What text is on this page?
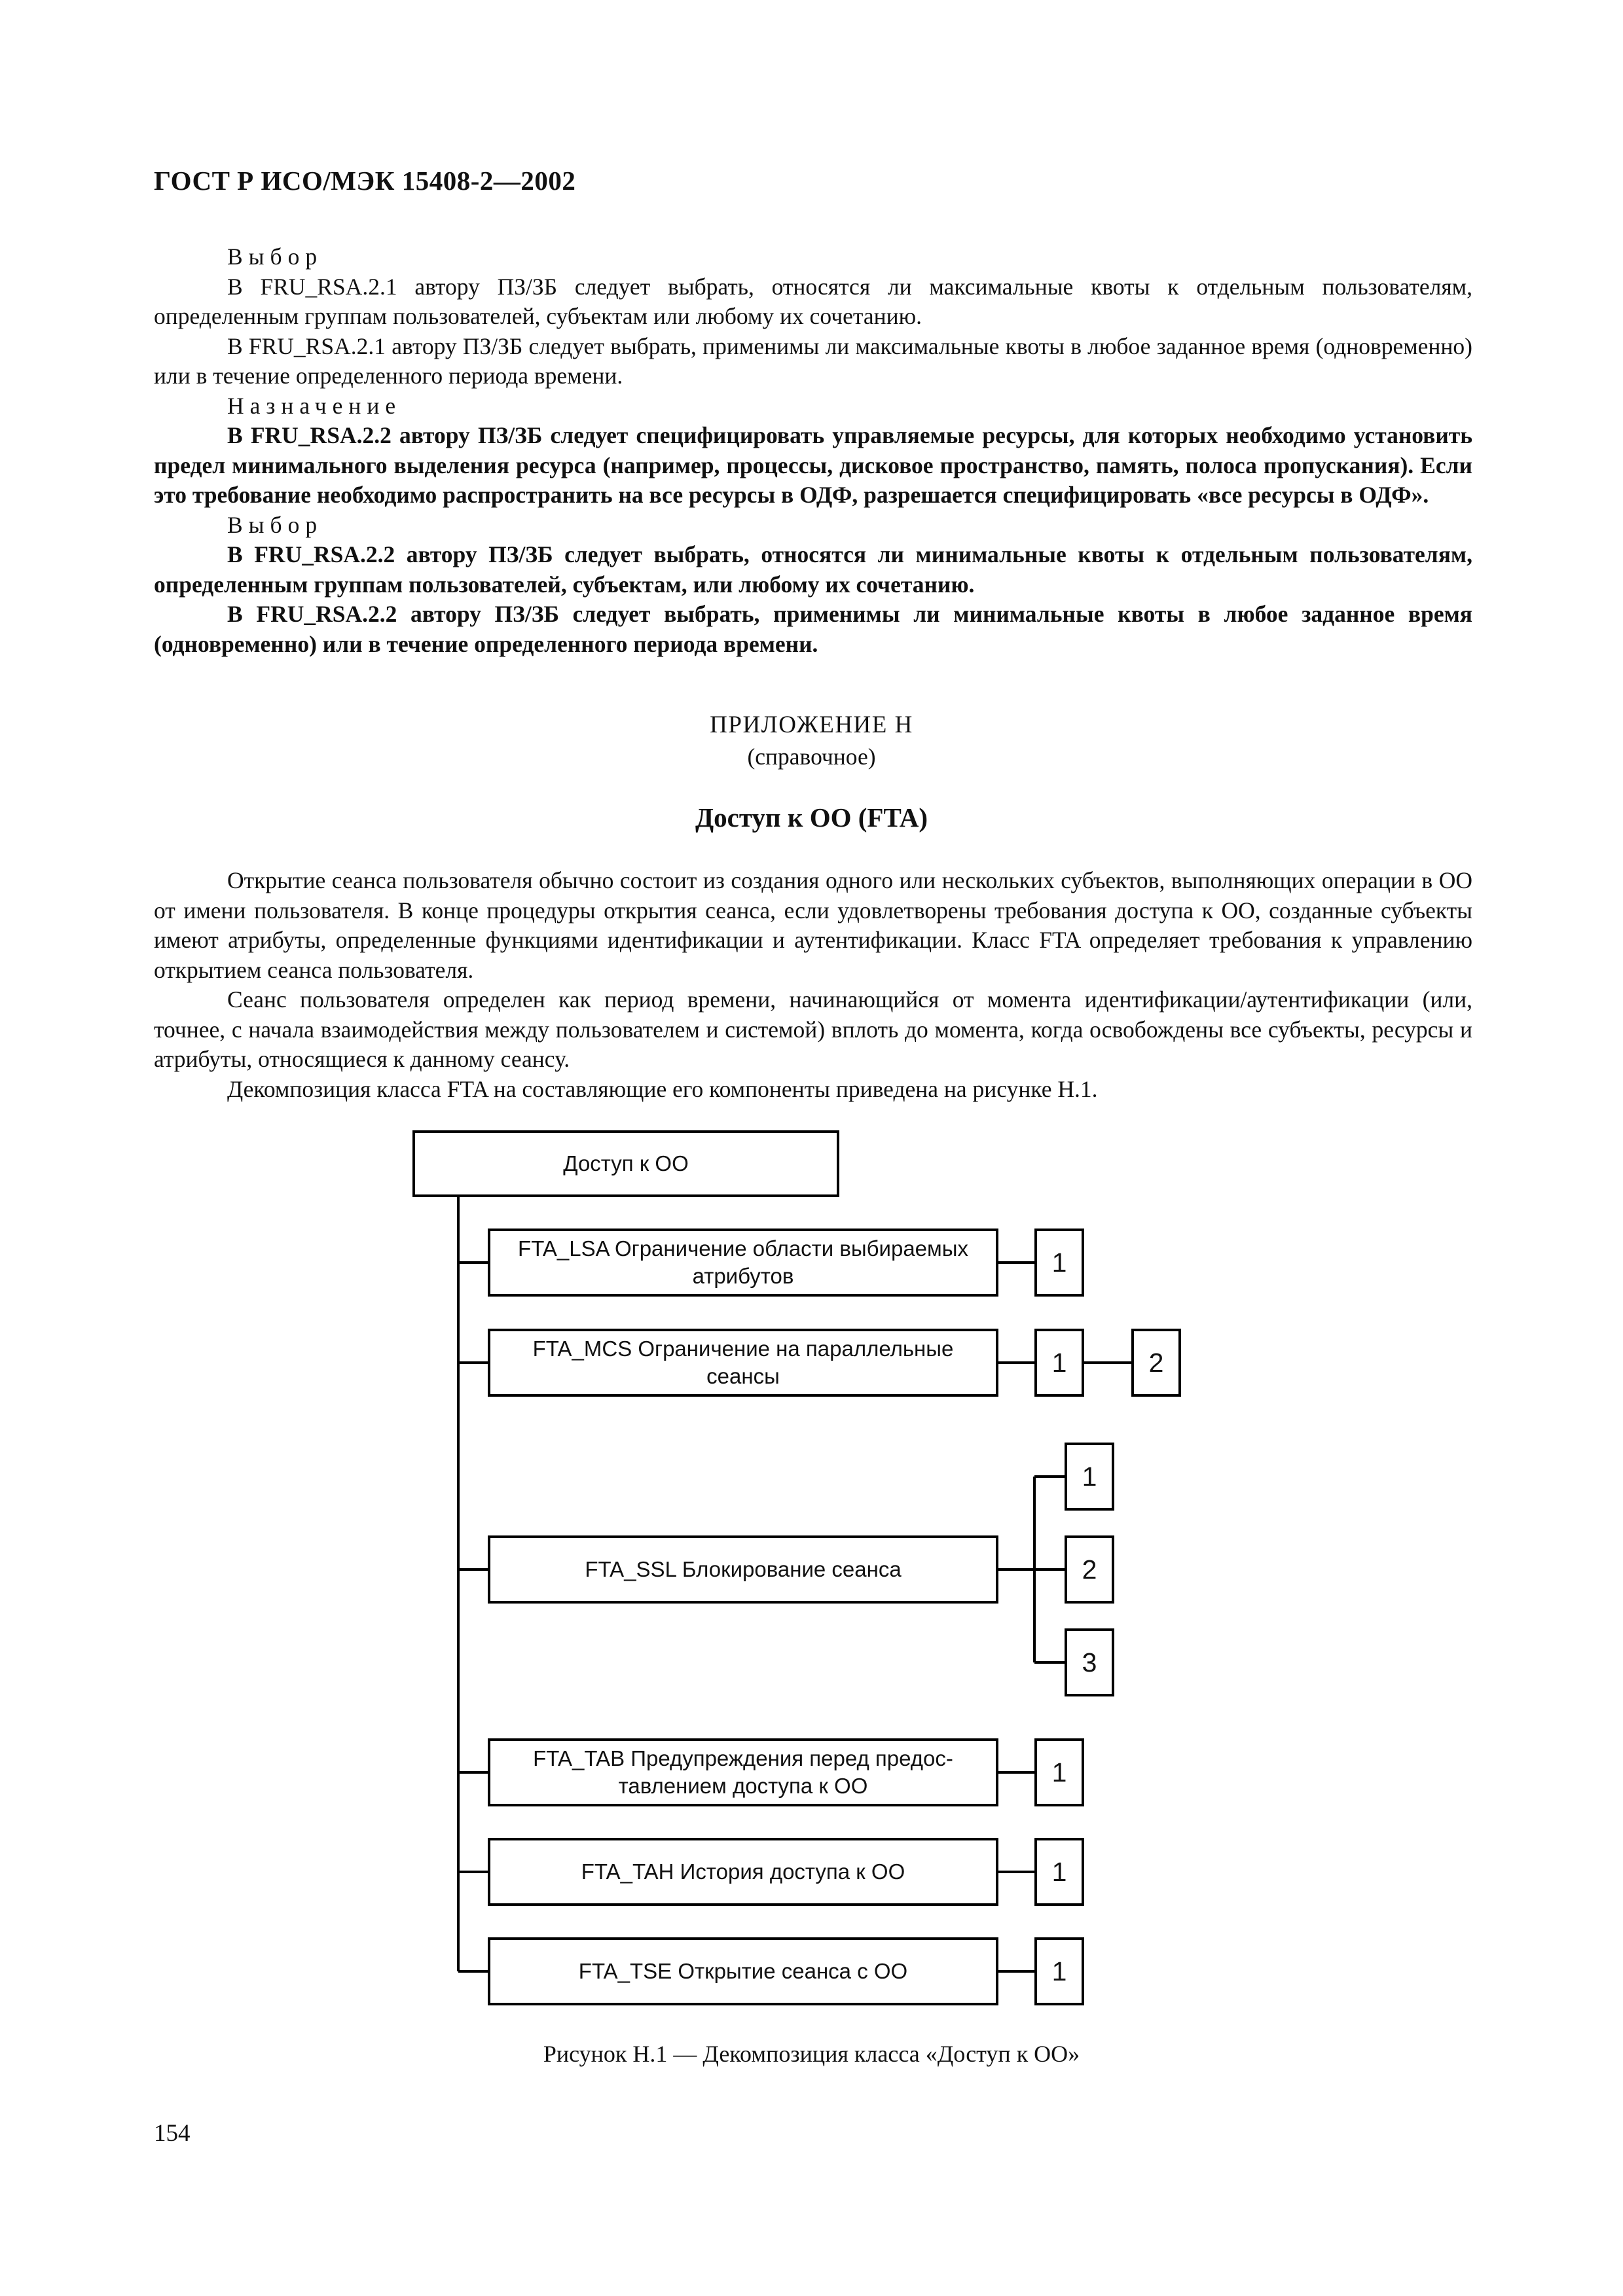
ГОСТ Р ИСО/МЭК 15408-2—2002

Выбор

В FRU_RSA.2.1 автору ПЗ/ЗБ следует выбрать, относятся ли максимальные квоты к отдельным пользователям, определенным группам пользователей, субъектам или любому их сочетанию.

В FRU_RSA.2.1 автору ПЗ/ЗБ следует выбрать, применимы ли максимальные квоты в любое заданное время (одновременно) или в течение определенного периода времени.

Назначение

В FRU_RSA.2.2 автору ПЗ/ЗБ следует специфицировать управляемые ресурсы, для которых необходимо установить предел минимального выделения ресурса (например, процессы, дисковое пространство, память, полоса пропускания). Если это требование необходимо распространить на все ресурсы в ОДФ, разрешается специфицировать «все ресурсы в ОДФ».

Выбор

В FRU_RSA.2.2 автору ПЗ/ЗБ следует выбрать, относятся ли минимальные квоты к отдельным пользователям, определенным группам пользователей, субъектам, или любому их сочетанию.

В FRU_RSA.2.2 автору ПЗ/ЗБ следует выбрать, применимы ли минимальные квоты в любое заданное время (одновременно) или в течение определенного периода времени.

ПРИЛОЖЕНИЕ Н
(справочное)
Доступ к ОО (FTA)

Открытие сеанса пользователя обычно состоит из создания одного или нескольких субъектов, выполняющих операции в ОО от имени пользователя. В конце процедуры открытия сеанса, если удовлетворены требования доступа к ОО, созданные субъекты имеют атрибуты, определенные функциями идентификации и аутентификации. Класс FTA определяет требования к управлению открытием сеанса пользователя.

Сеанс пользователя определен как период времени, начинающийся от момента идентификации/аутентификации (или, точнее, с начала взаимодействия между пользователем и системой) вплоть до момента, когда освобождены все субъекты, ресурсы и атрибуты, относящиеся к данному сеансу.

Декомпозиция класса FTA на составляющие его компоненты приведена на рисунке Н.1.

Доступ к ОО
FTA_LSA Ограничение области выбираемых
атрибутов	1
FTA_MCS Ограничение на параллельные
сеансы	1	2
FTA_SSL Блокирование сеанса
1
2
3
FTA_TAB Предупреждения перед предос-
тавлением доступа к ОО	1
FTA_TAH История доступа к ОО	1
FTA_TSE Открытие сеанса с ОО	1
Рисунок Н.1 — Декомпозиция класса «Доступ к ОО»
154
